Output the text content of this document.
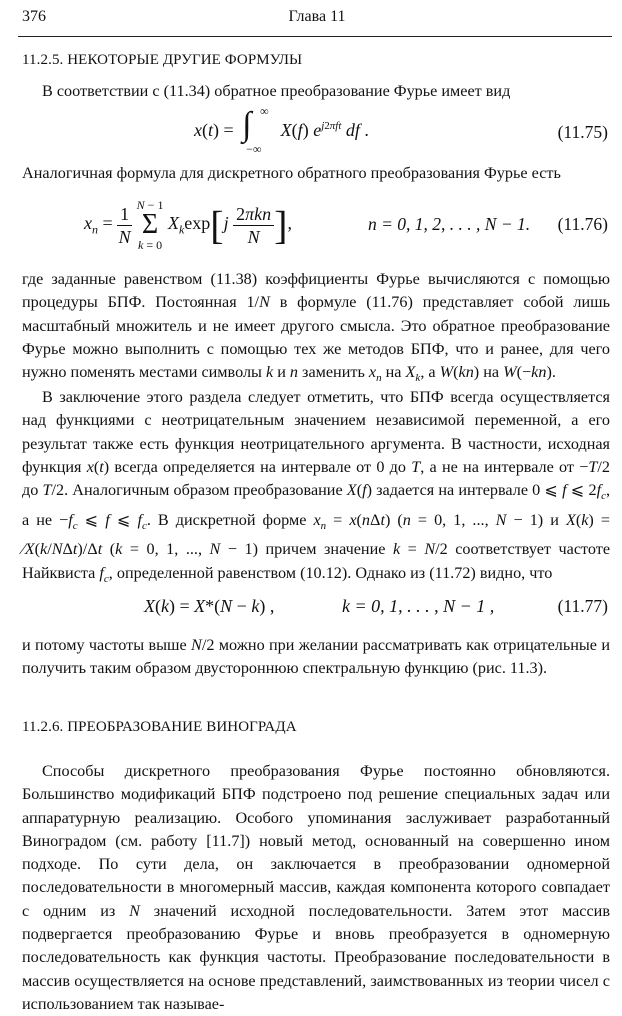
376	Глава 11
11.2.5. НЕКОТОРЫЕ ДРУГИЕ ФОРМУЛЫ

В соответствии с (11.34) обратное преобразование Фурье имеет вид

x(t) = ∫ ∞
−∞
X(f) $e^{j2\pi ft}$ df .	(11.75)

Аналогичная формула для дискретного обратного преобразования Фурье есть

$x_n = \frac{1}{N}$ N − 1
Σ
k = 0 $X_k\exp[j \frac{\text{2πkn}}{N}$ ],	n = 0, 1, 2, . . . , N − 1. (11.76)

где заданные равенством (11.38) коэффициенты Фурье вычисляются с помощью процедуры БПФ. Постоянная 1/N в формуле (11.76) представляет собой лишь масштабный множитель и не имеет другого смысла. Это обратное преобразование Фурье можно выполнить с помощью тех же методов БПФ, что и ранее, для чего нужно поменять местами символы k и n заменить $x_n$ на $X_k$, а W(kn) на W(−kn).

В заключение этого раздела следует отметить, что БПФ всегда осуществляется над функциями с неотрицательным значением независимой переменной, а его результат также есть функция неотрицательного аргумента. В частности, исходная функция x(t) всегда определяется на интервале от 0 до T, а не на интервале от −T/2 до T/2. Аналогичным образом преобразование X(f) задается на интервале 0 ⩽ f ⩽ $2f_c$, а не $-f_c$ ⩽ f ⩽ $f_c$. В дискретной форме $x_n = x(n\Delta t) (n = 0$, 1, ..., N − 1) и X(k) = ⁄X(k/NΔt)/Δt (k = 0, 1, ..., N − 1) причем значение k = N/2 соответствует частоте Найквиста $f_c$, определенной равенством (10.12). Однако из (11.72) видно, что

X(k) = X*(N − k) ,	k = 0, 1, . . . , N − 1 ,	(11.77)

и потому частоты выше N/2 можно при желании рассматривать как отрицательные и получить таким образом двустороннюю спектральную функцию (рис. 11.3).

11.2.6. ПРЕОБРАЗОВАНИЕ ВИНОГРАДА

Способы дискретного преобразования Фурье постоянно обновляются. Большинство модификаций БПФ подстроено под решение специальных задач или аппаратурную реализацию. Особого упоминания заслуживает разработанный Виноградом (см. работу [11.7]) новый метод, основанный на совершенно ином подходе. По сути дела, он заключается в преобразовании одномерной последовательности в многомерный массив, каждая компонента которого совпадает с одним из N значений исходной последовательности. Затем этот массив подвергается преобразованию Фурье и вновь преобразуется в одномерную последовательность как функция частоты. Преобразование последовательности в массив осуществляется на основе представлений, заимствованных из теории чисел с использованием так называе-
